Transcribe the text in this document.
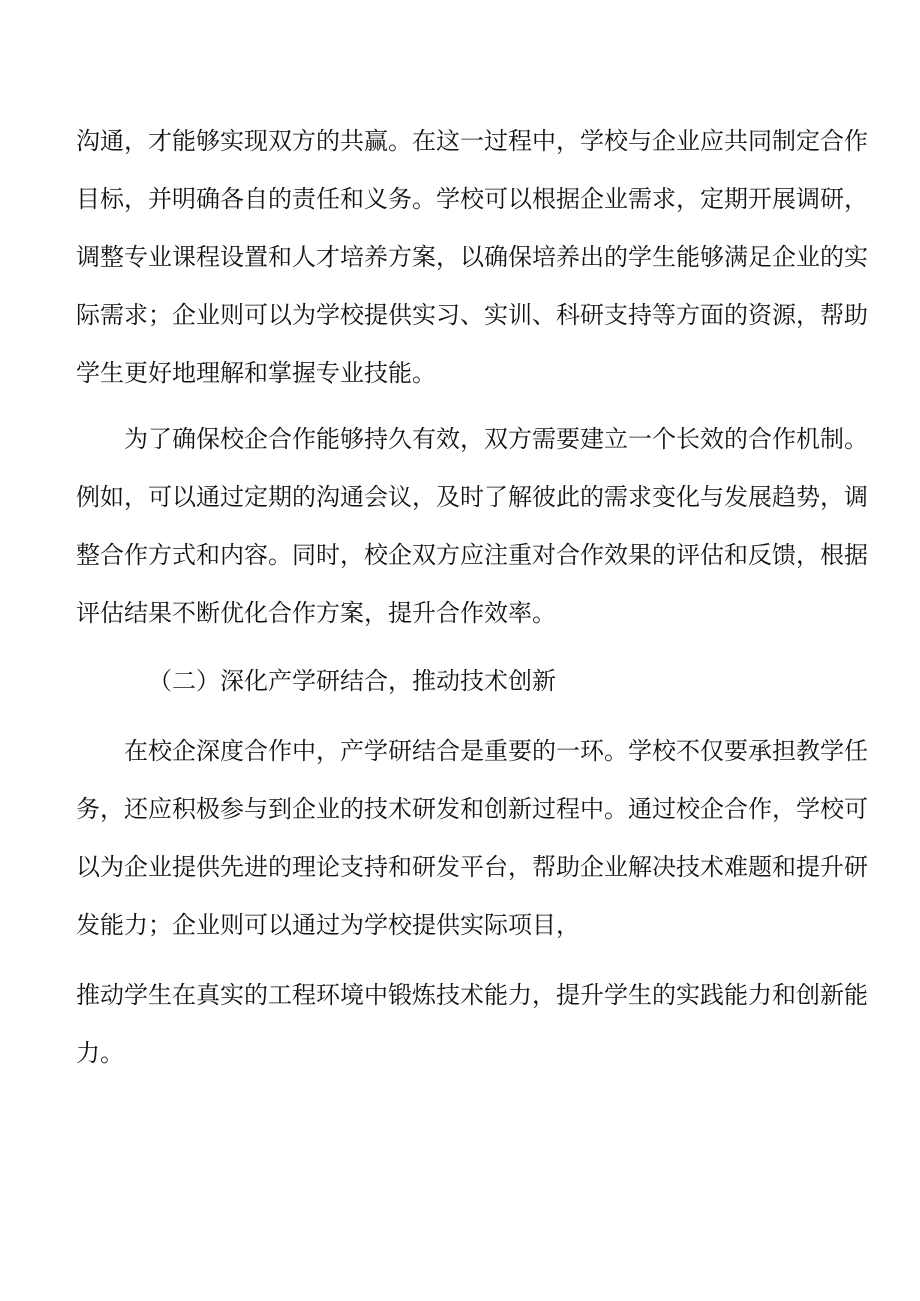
沟通，才能够实现双方的共赢。在这一过程中，学校与企业应共同制定合作
目标，并明确各自的责任和义务。学校可以根据企业需求，定期开展调研，
调整专业课程设置和人才培养方案，以确保培养出的学生能够满足企业的实
际需求；企业则可以为学校提供实习、实训、科研支持等方面的资源，帮助
学生更好地理解和掌握专业技能。
为了确保校企合作能够持久有效，双方需要建立一个长效的合作机制。
例如，可以通过定期的沟通会议，及时了解彼此的需求变化与发展趋势，调
整合作方式和内容。同时，校企双方应注重对合作效果的评估和反馈，根据
评估结果不断优化合作方案，提升合作效率。
（二）深化产学研结合，推动技术创新
在校企深度合作中，产学研结合是重要的一环。学校不仅要承担教学任
务，还应积极参与到企业的技术研发和创新过程中。通过校企合作，学校可
以为企业提供先进的理论支持和研发平台，帮助企业解决技术难题和提升研
发能力；企业则可以通过为学校提供实际项目，
推动学生在真实的工程环境中锻炼技术能力，提升学生的实践能力和创新能
力。
